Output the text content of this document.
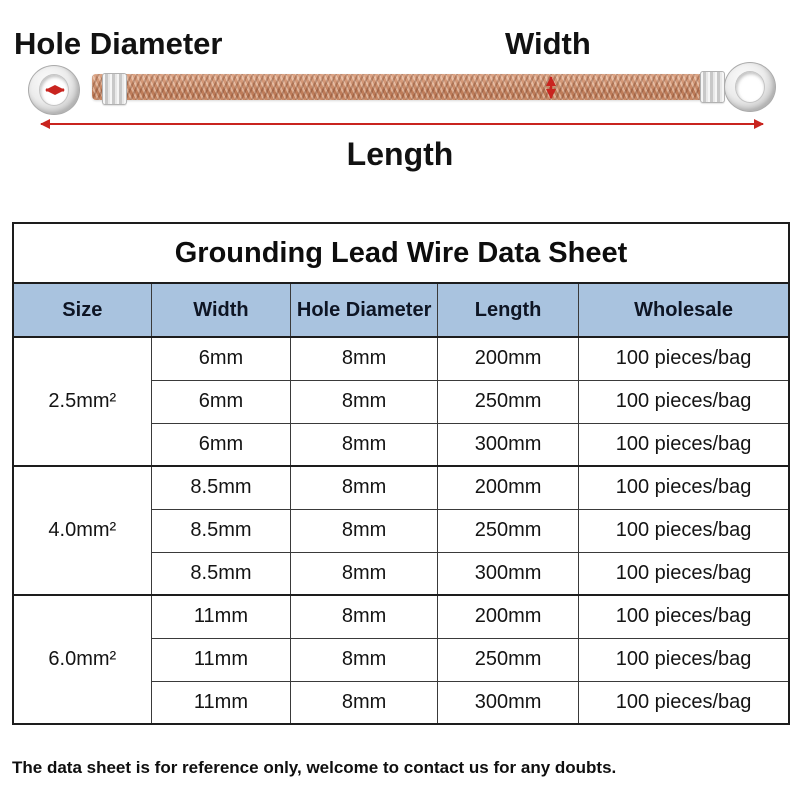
Hole Diameter	Width
Length
Grounding Lead Wire Data Sheet				
Size	Width	Hole Diameter	Length	Wholesale
2.5mm²	6mm	8mm	200mm	100 pieces/bag
	6mm	8mm	250mm	100 pieces/bag
	6mm	8mm	300mm	100 pieces/bag
4.0mm²	8.5mm	8mm	200mm	100 pieces/bag
	8.5mm	8mm	250mm	100 pieces/bag
	8.5mm	8mm	300mm	100 pieces/bag
6.0mm²	11mm	8mm	200mm	100 pieces/bag
	11mm	8mm	250mm	100 pieces/bag
	11mm	8mm	300mm	100 pieces/bag
The data sheet is for reference only, welcome to contact us for any doubts.
